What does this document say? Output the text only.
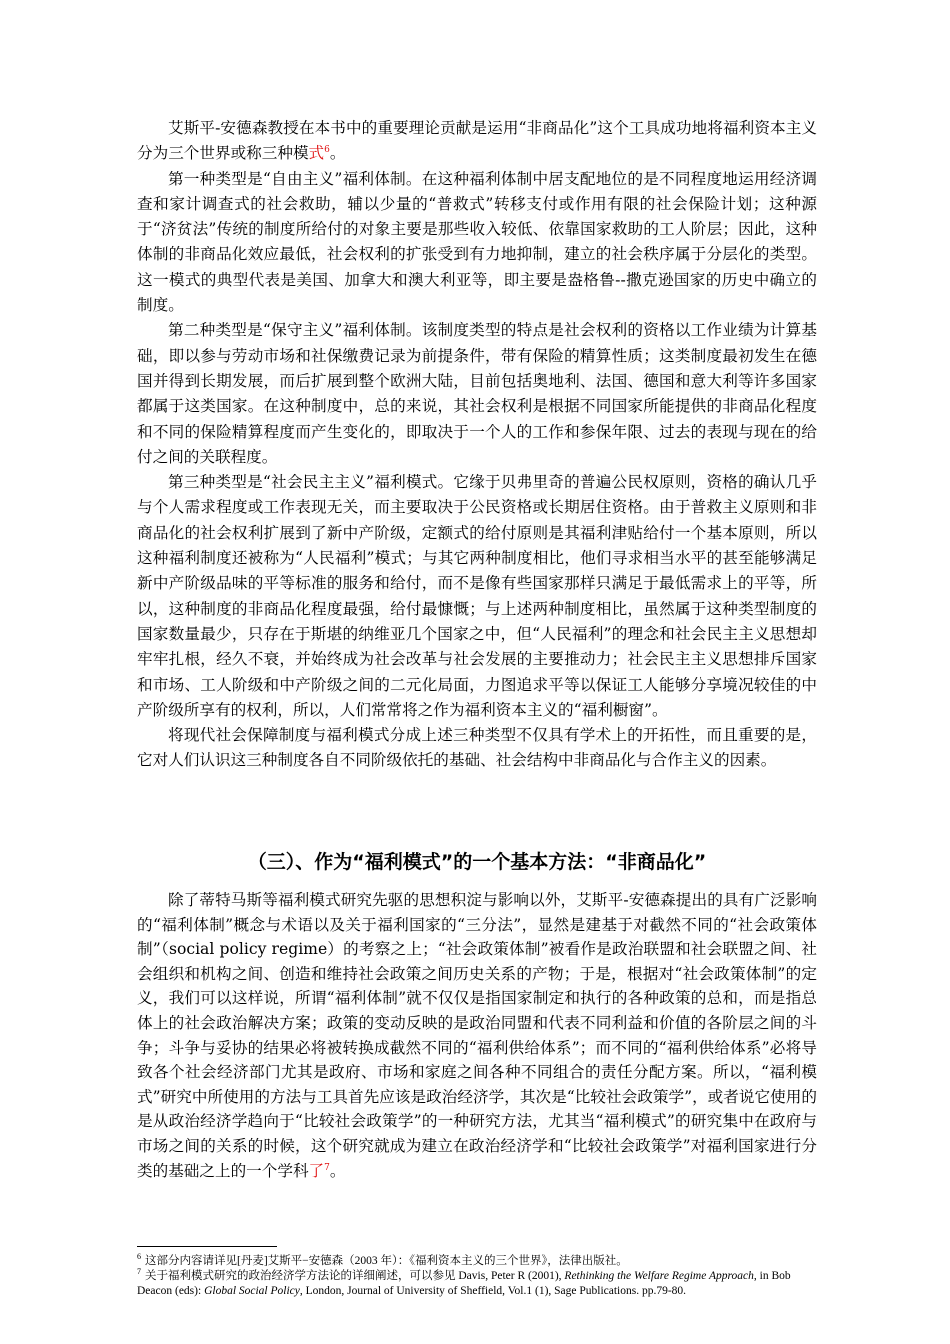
艾斯平-安德森教授在本书中的重要理论贡献是运用“非商品化”这个工具成功地将福利资本主义分为三个世界或称三种模式$^6$。

第一种类型是“自由主义”福利体制。在这种福利体制中居支配地位的是不同程度地运用经济调查和家计调查式的社会救助，辅以少量的“普救式”转移支付或作用有限的社会保险计划；这种源于“济贫法”传统的制度所给付的对象主要是那些收入较低、依靠国家救助的工人阶层；因此，这种体制的非商品化效应最低，社会权利的扩张受到有力地抑制，建立的社会秩序属于分层化的类型。这一模式的典型代表是美国、加拿大和澳大利亚等，即主要是盎格鲁--撒克逊国家的历史中确立的制度。

第二种类型是“保守主义”福利体制。该制度类型的特点是社会权利的资格以工作业绩为计算基础，即以参与劳动市场和社保缴费记录为前提条件，带有保险的精算性质；这类制度最初发生在德国并得到长期发展，而后扩展到整个欧洲大陆，目前包括奥地利、法国、德国和意大利等许多国家都属于这类国家。在这种制度中，总的来说，其社会权利是根据不同国家所能提供的非商品化程度和不同的保险精算程度而产生变化的，即取决于一个人的工作和参保年限、过去的表现与现在的给付之间的关联程度。

第三种类型是“社会民主主义”福利模式。它缘于贝弗里奇的普遍公民权原则，资格的确认几乎与个人需求程度或工作表现无关，而主要取决于公民资格或长期居住资格。由于普救主义原则和非商品化的社会权利扩展到了新中产阶级，定额式的给付原则是其福利津贴给付一个基本原则，所以这种福利制度还被称为“人民福利”模式；与其它两种制度相比，他们寻求相当水平的甚至能够满足新中产阶级品味的平等标准的服务和给付，而不是像有些国家那样只满足于最低需求上的平等，所以，这种制度的非商品化程度最强，给付最慷慨；与上述两种制度相比，虽然属于这种类型制度的国家数量最少，只存在于斯堪的纳维亚几个国家之中，但“人民福利”的理念和社会民主主义思想却牢牢扎根，经久不衰，并始终成为社会改革与社会发展的主要推动力；社会民主主义思想排斥国家和市场、工人阶级和中产阶级之间的二元化局面，力图追求平等以保证工人能够分享境况较佳的中产阶级所享有的权利，所以，人们常常将之作为福利资本主义的“福利橱窗”。

将现代社会保障制度与福利模式分成上述三种类型不仅具有学术上的开拓性，而且重要的是，它对人们认识这三种制度各自不同阶级依托的基础、社会结构中非商品化与合作主义的因素。

（三）、作为“福利模式”的一个基本方法：“非商品化”

除了蒂特马斯等福利模式研究先驱的思想积淀与影响以外，艾斯平-安德森提出的具有广泛影响的“福利体制”概念与术语以及关于福利国家的“三分法”，显然是建基于对截然不同的“社会政策体制”（social policy regime）的考察之上；“社会政策体制”被看作是政治联盟和社会联盟之间、社会组织和机构之间、创造和维持社会政策之间历史关系的产物；于是，根据对“社会政策体制”的定义，我们可以这样说，所谓“福利体制”就不仅仅是指国家制定和执行的各种政策的总和，而是指总体上的社会政治解决方案；政策的变动反映的是政治同盟和代表不同利益和价值的各阶层之间的斗争；斗争与妥协的结果必将被转换成截然不同的“福利供给体系”；而不同的“福利供给体系”必将导致各个社会经济部门尤其是政府、市场和家庭之间各种不同组合的责任分配方案。所以，“福利模式”研究中所使用的方法与工具首先应该是政治经济学，其次是“比较社会政策学”，或者说它使用的是从政治经济学趋向于“比较社会政策学”的一种研究方法，尤其当“福利模式”的研究集中在政府与市场之间的关系的时候，这个研究就成为建立在政治经济学和“比较社会政策学”对福利国家进行分类的基础之上的一个学科了$^7$。

$^6$ 这部分内容请详见[丹麦]艾斯平−安德森（2003 年）：《福利资本主义的三个世界》，法律出版社。

$^7$ 关于福利模式研究的政治经济学方法论的详细阐述，可以参见 Davis, Peter R (2001), Rethinking the Welfare Regime Approach, in Bob Deacon (eds): Global Social Policy, London, Journal of University of Sheffield, Vol.1 (1), Sage Publications. pp.79-80.
